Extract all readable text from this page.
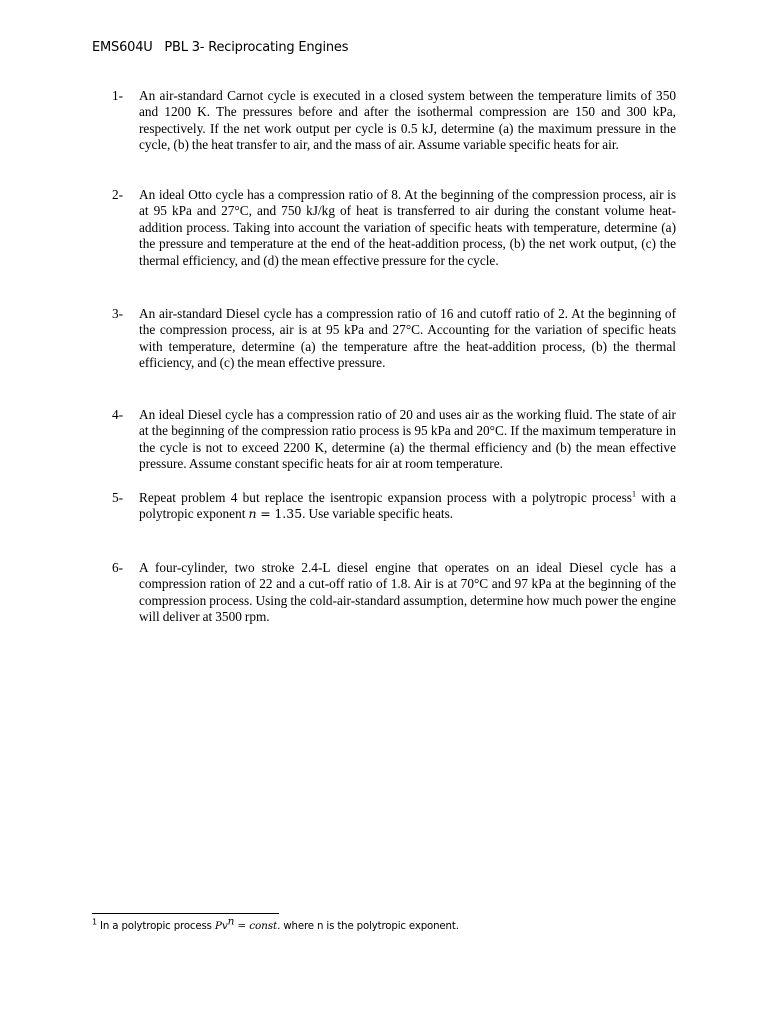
EMS604U   PBL 3- Reciprocating Engines
1-	An air-standard Carnot cycle is executed in a closed system between the temperature limits of 350 and 1200 K. The pressures before and after the isothermal compression are 150 and 300 kPa, respectively. If the net work output per cycle is 0.5 kJ, determine (a) the maximum pressure in the cycle, (b) the heat transfer to air, and the mass of air. Assume variable specific heats for air.
2-	An ideal Otto cycle has a compression ratio of 8. At the beginning of the compression process, air is at 95 kPa and 27°C, and 750 kJ/kg of heat is transferred to air during the constant volume heat-addition process. Taking into account the variation of specific heats with temperature, determine (a) the pressure and temperature at the end of the heat-addition process, (b) the net work output, (c) the thermal efficiency, and (d) the mean effective pressure for the cycle.
3-	An air-standard Diesel cycle has a compression ratio of 16 and cutoff ratio of 2. At the beginning of the compression process, air is at 95 kPa and 27°C. Accounting for the variation of specific heats with temperature, determine (a) the temperature aftre the heat-addition process, (b) the thermal efficiency, and (c) the mean effective pressure.
4-	An ideal Diesel cycle has a compression ratio of 20 and uses air as the working fluid. The state of air at the beginning of the compression ratio process is 95 kPa and 20°C. If the maximum temperature in the cycle is not to exceed 2200 K, determine (a) the thermal efficiency and (b) the mean effective pressure. Assume constant specific heats for air at room temperature.
5-	Repeat problem 4 but replace the isentropic expansion process with a polytropic process$^1$ with a polytropic exponent n = 1.35. Use variable specific heats.
6-	A four-cylinder, two stroke 2.4-L diesel engine that operates on an ideal Diesel cycle has a compression ration of 22 and a cut-off ratio of 1.8. Air is at 70°C and 97 kPa at the beginning of the compression process. Using the cold-air-standard assumption, determine how much power the engine will deliver at 3500 rpm.
$^1$ In a polytropic process $Pv^n$ = const. where n is the polytropic exponent.
